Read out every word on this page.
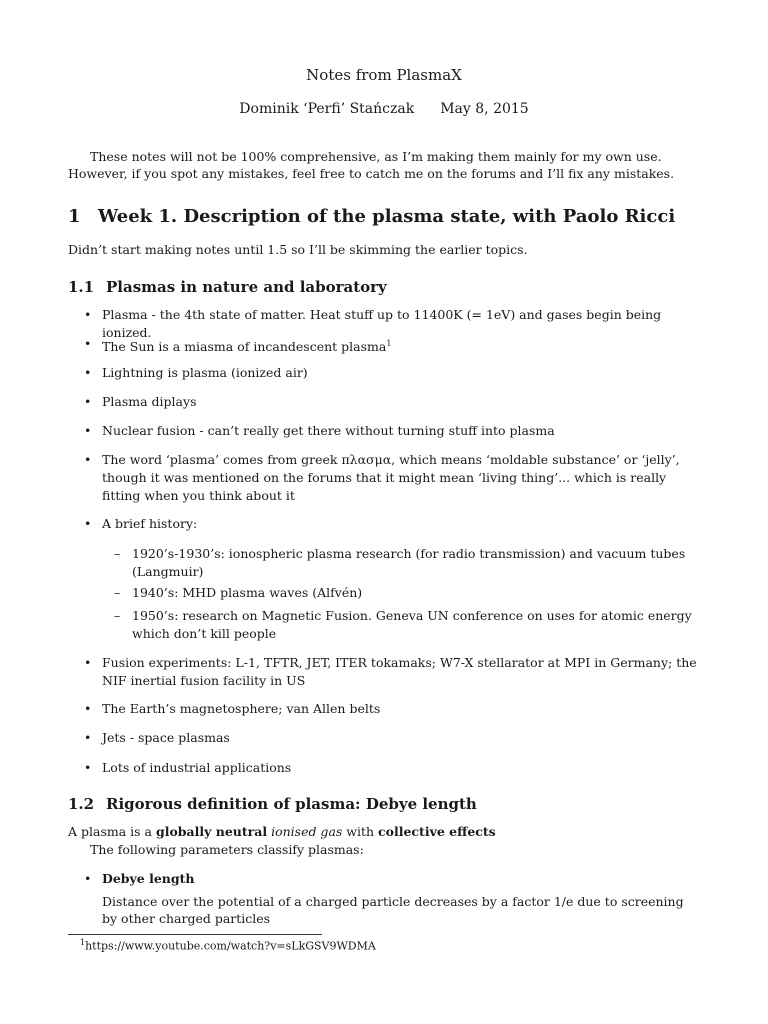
Notes from PlasmaX
Dominik ‘Perfi’ Stańczak May 8, 2015
These notes will not be 100% comprehensive, as I’m making them mainly for my own use. However, if you spot any mistakes, feel free to catch me on the forums and I’ll fix any mistakes.
1 Week 1. Description of the plasma state, with Paolo Ricci
Didn’t start making notes until 1.5 so I’ll be skimming the earlier topics.
1.1 Plasmas in nature and laboratory
• Plasma - the 4th state of matter. Heat stuff up to 11400K (= 1eV) and gases begin being ionized.
• The Sun is a miasma of incandescent plasma$^1$
• Lightning is plasma (ionized air)
• Plasma diplays
• Nuclear fusion - can’t really get there without turning stuff into plasma
• The word ‘plasma’ comes from greek πλασμα, which means ‘moldable substance’ or ‘jelly’, though it was mentioned on the forums that it might mean ‘living thing’... which is really fitting when you think about it
• A brief history:
– 1920’s-1930’s: ionospheric plasma research (for radio transmission) and vacuum tubes (Langmuir)
– 1940’s: MHD plasma waves (Alfvén)
– 1950’s: research on Magnetic Fusion. Geneva UN conference on uses for atomic energy which don’t kill people
• Fusion experiments: L-1, TFTR, JET, ITER tokamaks; W7-X stellarator at MPI in Germany; the NIF inertial fusion facility in US
• The Earth’s magnetosphere; van Allen belts
• Jets - space plasmas
• Lots of industrial applications
1.2 Rigorous definition of plasma: Debye length
A plasma is a globally neutral ionised gas with collective effects
The following parameters classify plasmas:
• Debye length
Distance over the potential of a charged particle decreases by a factor 1/e due to screening by other charged particles
$^1$https://www.youtube.com/watch?v=sLkGSV9WDMA
